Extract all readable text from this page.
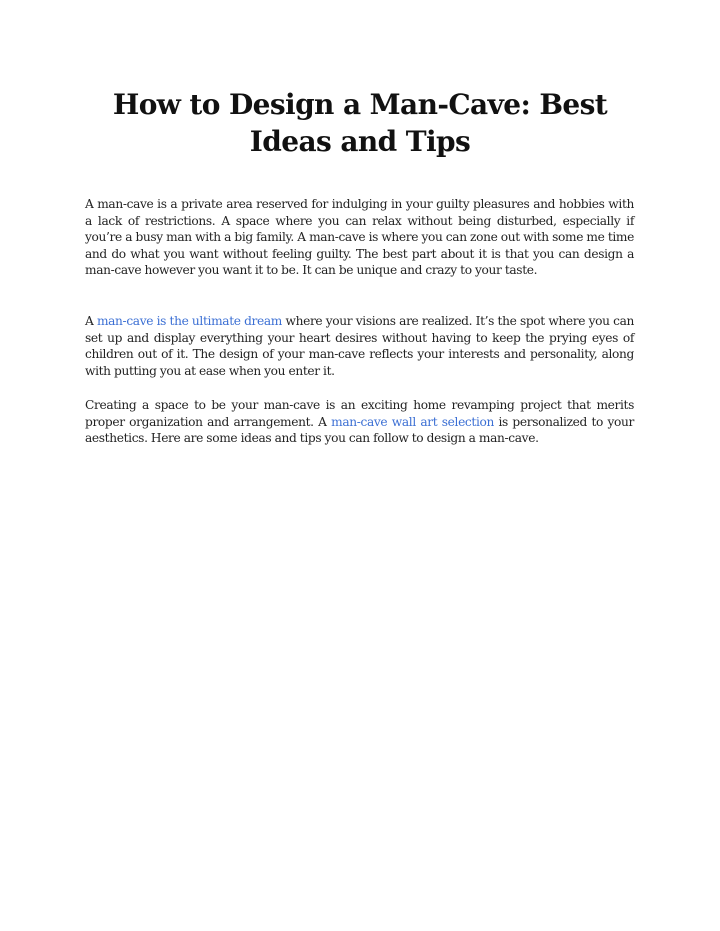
How to Design a Man-Cave: Best Ideas and Tips

A man-cave is a private area reserved for indulging in your guilty pleasures and hobbies with a lack of restrictions. A space where you can relax without being disturbed, especially if you’re a busy man with a big family. A man-cave is where you can zone out with some me time and do what you want without feeling guilty. The best part about it is that you can design a man-cave however you want it to be. It can be unique and crazy to your taste.

A man-cave is the ultimate dream where your visions are realized. It’s the spot where you can set up and display everything your heart desires without having to keep the prying eyes of children out of it. The design of your man-cave reflects your interests and personality, along with putting you at ease when you enter it.

Creating a space to be your man-cave is an exciting home revamping project that merits proper organization and arrangement. A man-cave wall art selection is personalized to your aesthetics. Here are some ideas and tips you can follow to design a man-cave.
